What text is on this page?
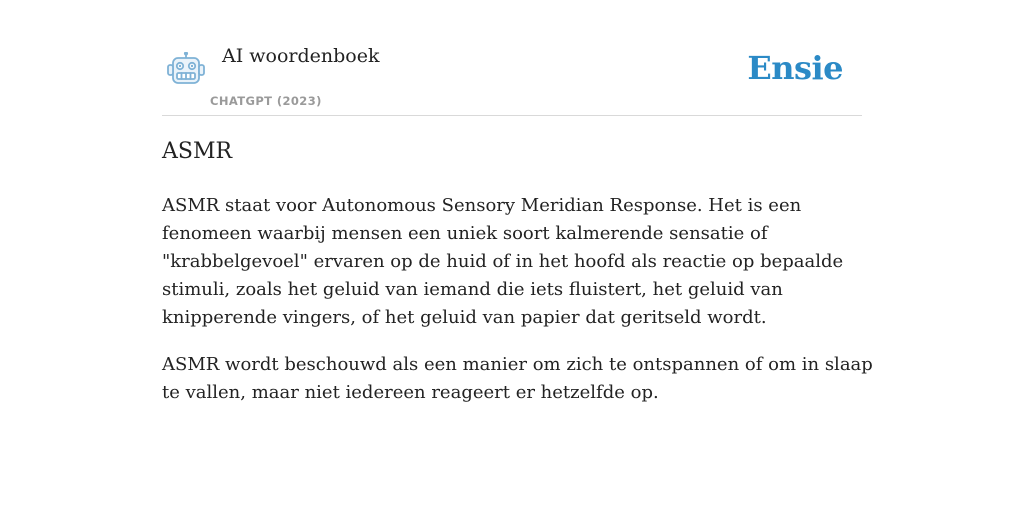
AI woordenboek
CHATGPT (2023)
Ensie
ASMR

ASMR staat voor Autonomous Sensory Meridian Response. Het is een fenomeen waarbij mensen een uniek soort kalmerende sensatie of "krabbelgevoel" ervaren op de huid of in het hoofd als reactie op bepaalde stimuli, zoals het geluid van iemand die iets fluistert, het geluid van knipperende vingers, of het geluid van papier dat geritseld wordt.

ASMR wordt beschouwd als een manier om zich te ontspannen of om in slaap te vallen, maar niet iedereen reageert er hetzelfde op.
